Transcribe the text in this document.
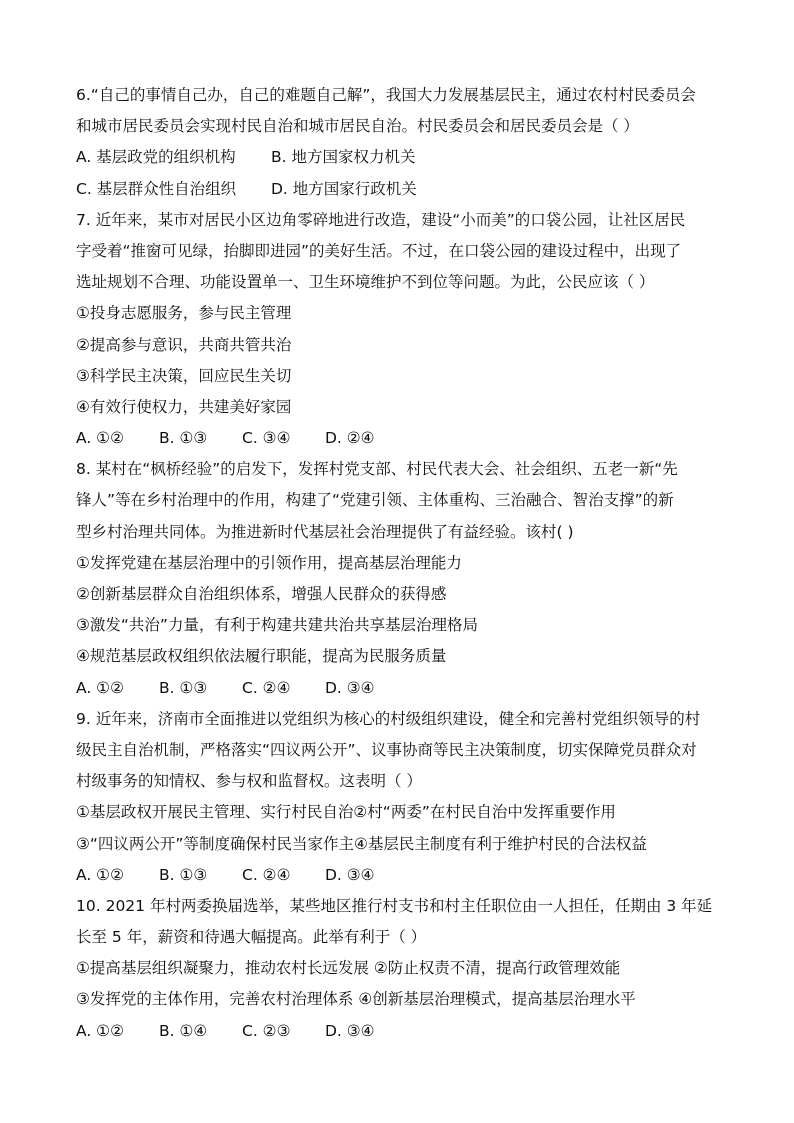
6.“自己的事情自己办，自己的难题自己解”，我国大力发展基层民主，通过农村村民委员会
和城市居民委员会实现村民自治和城市居民自治。村民委员会和居民委员会是（ ）
A. 基层政党的组织机构	B. 地方国家权力机关
C. 基层群众性自治组织	D. 地方国家行政机关
7. 近年来，某市对居民小区边角零碎地进行改造，建设“小而美”的口袋公园，让社区居民
字受着“推窗可见绿，抬脚即进园”的美好生活。不过，在口袋公园的建设过程中，出现了
选址规划不合理、功能设置单一、卫生环境维护不到位等问题。为此，公民应该（ ）
①投身志愿服务，参与民主管理
②提高参与意识，共商共管共治
③科学民主决策，回应民生关切
④有效行使权力，共建美好家园
A. ①②	B. ①③	C. ③④	D. ②④
8. 某村在“枫桥经验”的启发下，发挥村党支部、村民代表大会、社会组织、五老一新“先
锋人”等在乡村治理中的作用，构建了“党建引领、主体重构、三治融合、智治支撑”的新
型乡村治理共同体。为推进新时代基层社会治理提供了有益经验。该村( )
①发挥党建在基层治理中的引领作用，提高基层治理能力
②创新基层群众自治组织体系，增强人民群众的获得感
③激发“共治”力量，有利于构建共建共治共享基层治理格局
④规范基层政权组织依法履行职能，提高为民服务质量
A. ①②	B. ①③	C. ②④	D. ③④
9. 近年来，济南市全面推进以党组织为核心的村级组织建设，健全和完善村党组织领导的村
级民主自治机制，严格落实“四议两公开”、议事协商等民主决策制度，切实保障党员群众对
村级事务的知情权、参与权和监督权。这表明（ ）
①基层政权开展民主管理、实行村民自治②村“两委”在村民自治中发挥重要作用
③“四议两公开”等制度确保村民当家作主④基层民主制度有利于维护村民的合法权益
A. ①②	B. ①③	C. ②④	D. ③④
10. 2021 年村两委换届选举，某些地区推行村支书和村主任职位由一人担任，任期由 3 年延
长至 5 年，薪资和待遇大幅提高。此举有利于（ ）
①提高基层组织凝聚力，推动农村长远发展 ②防止权责不清，提高行政管理效能
③发挥党的主体作用，完善农村治理体系 ④创新基层治理模式，提高基层治理水平
A. ①②	B. ①④	C. ②③	D. ③④
